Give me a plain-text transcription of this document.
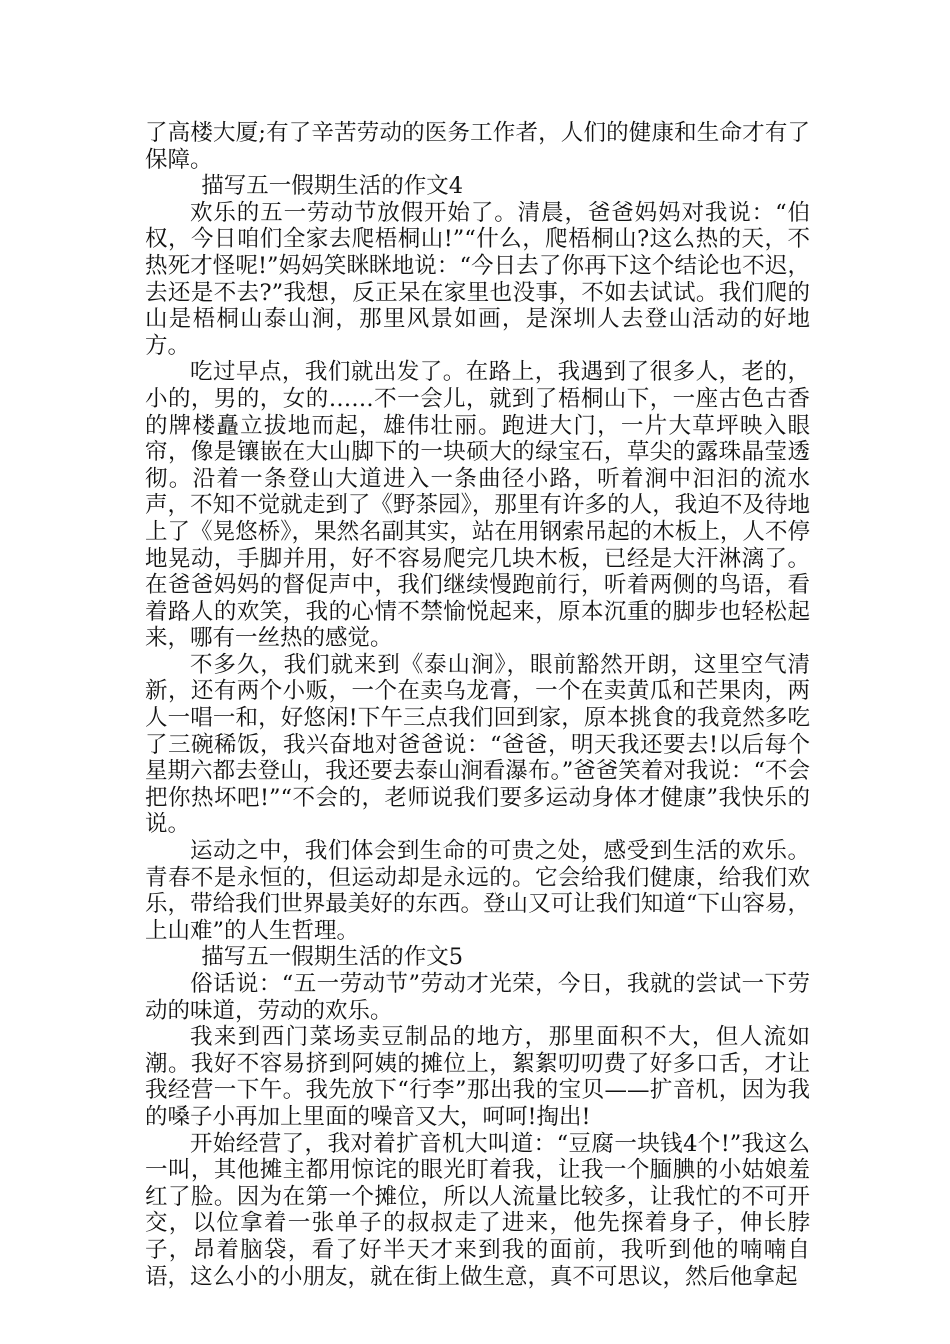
了高楼大厦;有了辛苦劳动的医务工作者，人们的健康和生命才有了保障。

描写五一假期生活的作文4

欢乐的五一劳动节放假开始了。清晨，爸爸妈妈对我说：“伯权，今日咱们全家去爬梧桐山!”“什么，爬梧桐山?这么热的天，不热死才怪呢!”妈妈笑眯眯地说：“今日去了你再下这个结论也不迟，去还是不去?”我想，反正呆在家里也没事，不如去试试。我们爬的山是梧桐山泰山涧，那里风景如画，是深圳人去登山活动的好地方。

吃过早点，我们就出发了。在路上，我遇到了很多人，老的，小的，男的，女的……不一会儿，就到了梧桐山下，一座古色古香的牌楼矗立拔地而起，雄伟壮丽。跑进大门，一片大草坪映入眼帘，像是镶嵌在大山脚下的一块硕大的绿宝石，草尖的露珠晶莹透彻。沿着一条登山大道进入一条曲径小路，听着涧中汩汩的流水声，不知不觉就走到了《野茶园》，那里有许多的人，我迫不及待地上了《晃悠桥》，果然名副其实，站在用钢索吊起的木板上，人不停地晃动，手脚并用，好不容易爬完几块木板，已经是大汗淋漓了。在爸爸妈妈的督促声中，我们继续慢跑前行，听着两侧的鸟语，看着路人的欢笑，我的心情不禁愉悦起来，原本沉重的脚步也轻松起来，哪有一丝热的感觉。

不多久，我们就来到《泰山涧》，眼前豁然开朗，这里空气清新，还有两个小贩，一个在卖乌龙膏，一个在卖黄瓜和芒果肉，两人一唱一和，好悠闲!下午三点我们回到家，原本挑食的我竟然多吃了三碗稀饭，我兴奋地对爸爸说：“爸爸，明天我还要去!以后每个星期六都去登山，我还要去泰山涧看瀑布。”爸爸笑着对我说：“不会把你热坏吧!”“不会的，老师说我们要多运动身体才健康”我快乐的说。

运动之中，我们体会到生命的可贵之处，感受到生活的欢乐。青春不是永恒的，但运动却是永远的。它会给我们健康，给我们欢乐，带给我们世界最美好的东西。登山又可让我们知道“下山容易，上山难”的人生哲理。

描写五一假期生活的作文5

俗话说：“五一劳动节”劳动才光荣，今日，我就的尝试一下劳动的味道，劳动的欢乐。

我来到西门菜场卖豆制品的地方，那里面积不大，但人流如潮。我好不容易挤到阿姨的摊位上，絮絮叨叨费了好多口舌，才让我经营一下午。我先放下“行李”那出我的宝贝——扩音机，因为我的嗓子小再加上里面的噪音又大，呵呵!掏出!

开始经营了，我对着扩音机大叫道：“豆腐一块钱4个!”我这么一叫，其他摊主都用惊诧的眼光盯着我，让我一个腼腆的小姑娘羞红了脸。因为在第一个摊位，所以人流量比较多，让我忙的不可开交，以位拿着一张单子的叔叔走了进来，他先探着身子，伸长脖子，昂着脑袋，看了好半天才来到我的面前，我听到他的喃喃自语，这么小的小朋友，就在街上做生意，真不可思议，然后他拿起
